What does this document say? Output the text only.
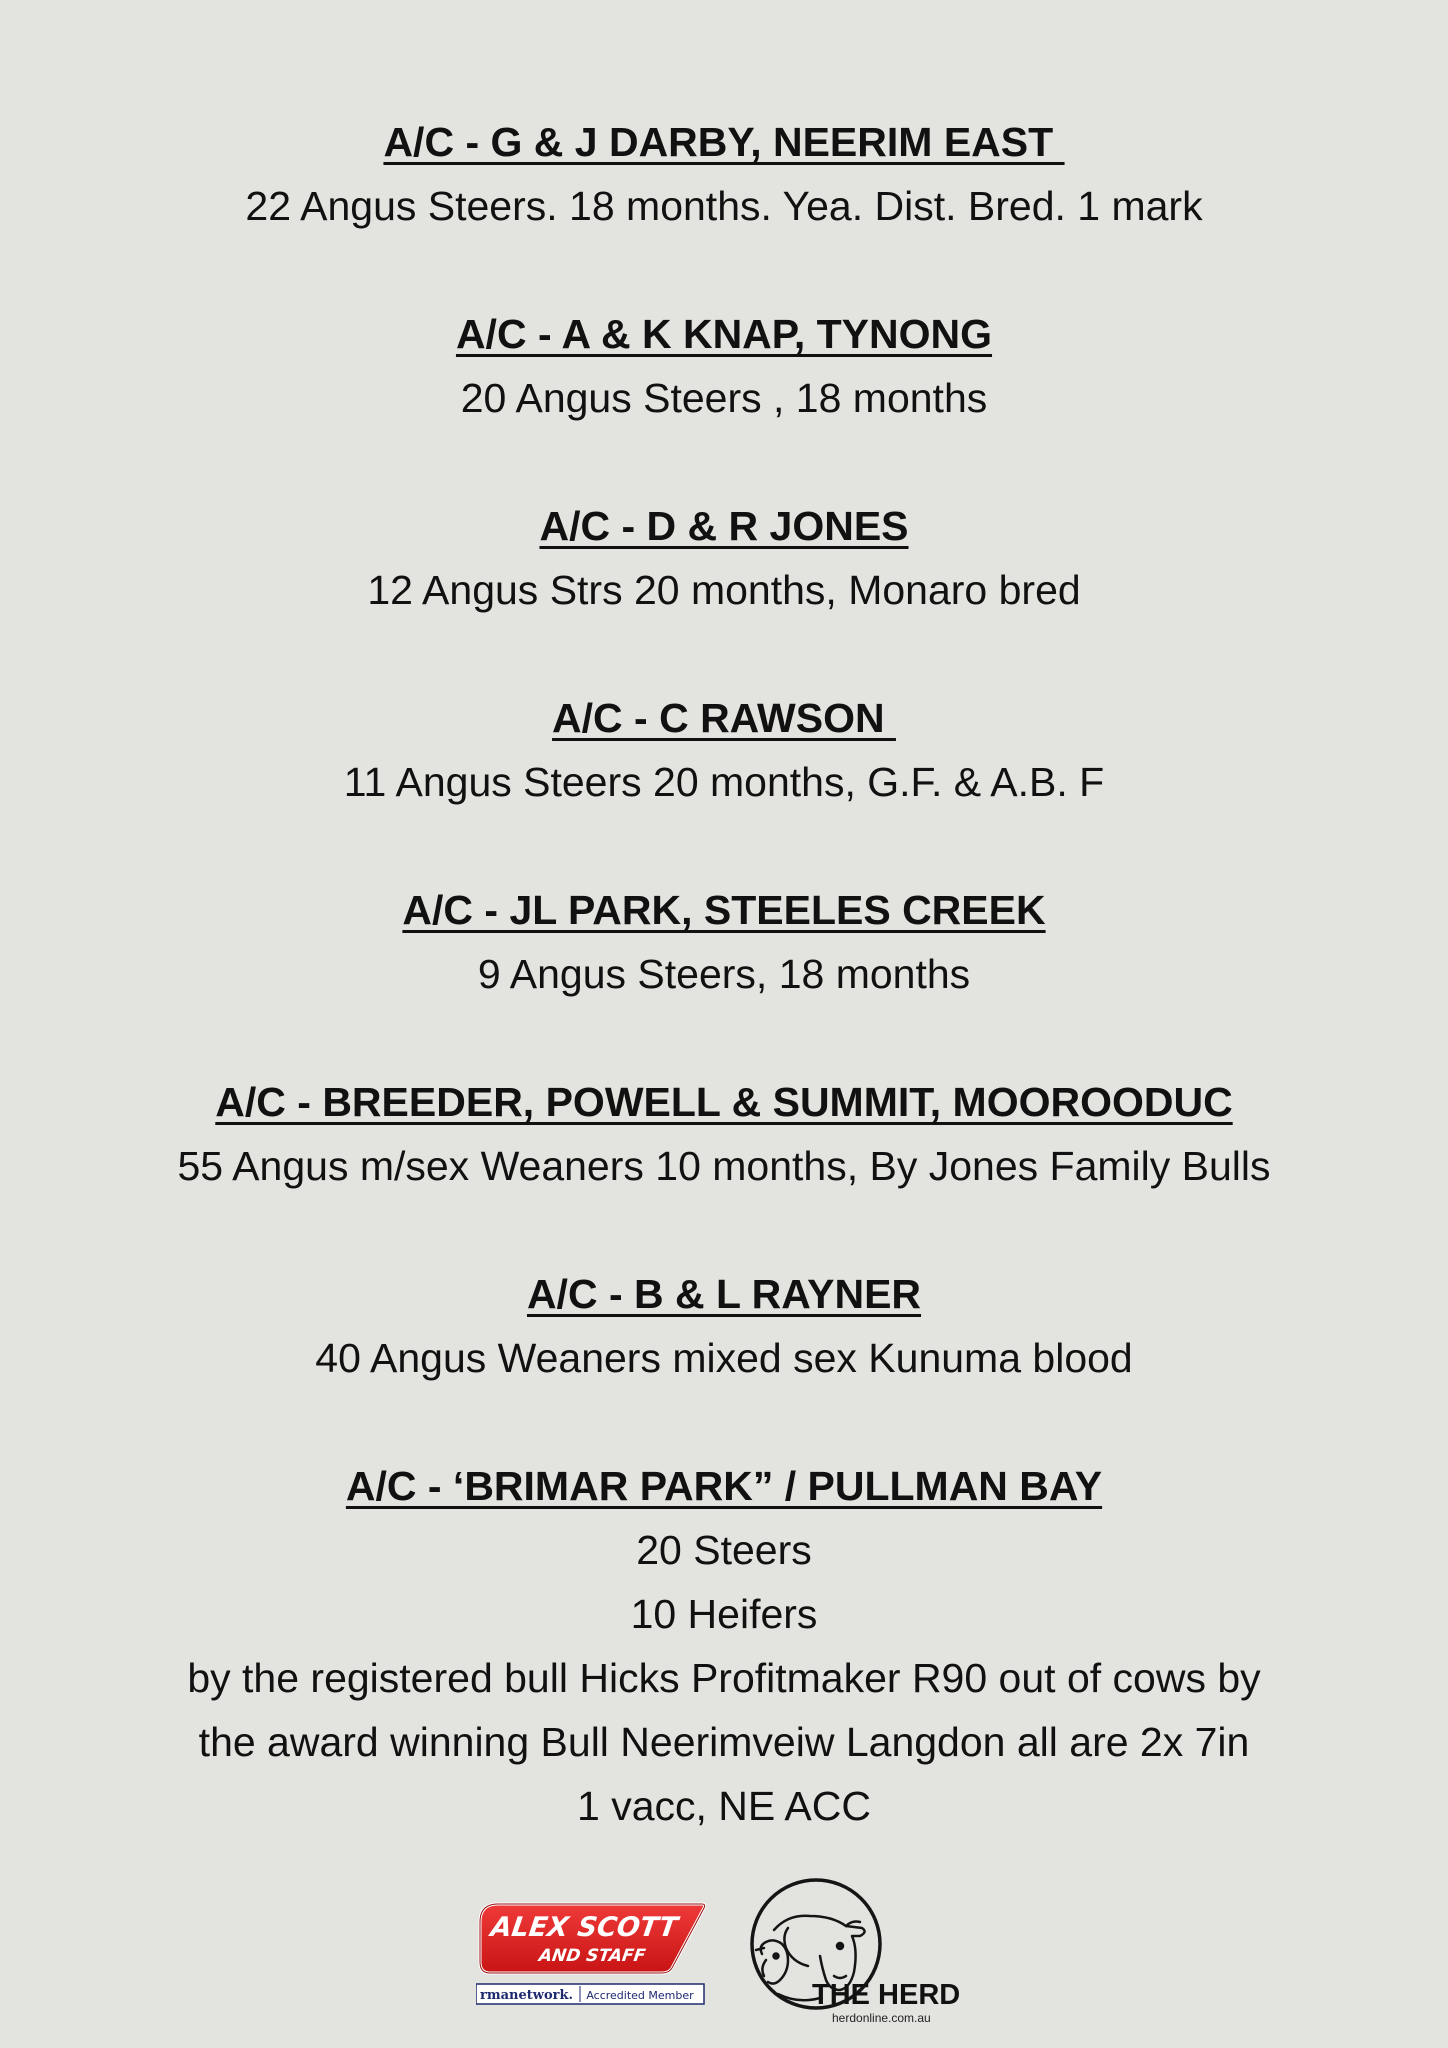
A/C - G & J DARBY, NEERIM EAST
22 Angus Steers. 18 months. Yea. Dist. Bred. 1 mark
A/C - A & K KNAP, TYNONG
20 Angus Steers , 18 months
A/C - D & R JONES
12 Angus Strs 20 months, Monaro bred
A/C - C RAWSON
11 Angus Steers 20 months, G.F. & A.B. F
A/C - JL PARK, STEELES CREEK
9 Angus Steers, 18 months
A/C - BREEDER, POWELL & SUMMIT, MOOROODUC
55 Angus m/sex Weaners 10 months, By Jones Family Bulls
A/C - B & L RAYNER
40 Angus Weaners mixed sex Kunuma blood
A/C - ‘BRIMAR PARK” / PULLMAN BAY
20 Steers
10 Heifers
by the registered bull Hicks Profitmaker R90 out of cows by
the award winning Bull Neerimveiw Langdon all are 2x 7in
1 vacc, NE ACC
ALEX SCOTT
AND STAFF
rmanetwork. Accredited Member	THE HERD
herdonline.com.au
